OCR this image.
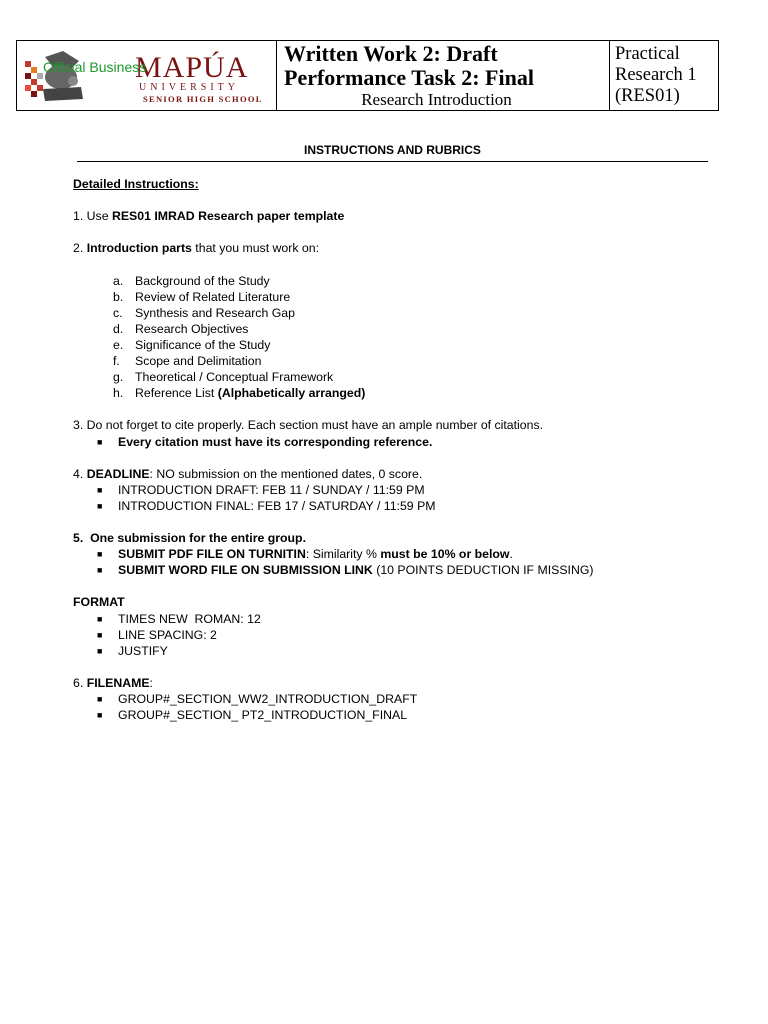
Official Business
MAPÚA
UNIVERSITY
SENIOR HIGH SCHOOL
Written Work 2: Draft
Performance Task 2: Final
Research Introduction
Practical
Research 1
(RES01)
INSTRUCTIONS AND RUBRICS

Detailed Instructions:

1. Use RES01 IMRAD Research paper template

2. Introduction parts that you must work on:

a. Background of the Study
b. Review of Related Literature
c.	Synthesis and Research Gap
d. Research Objectives
e. Significance of the Study
f.	Scope and Delimitation
g. Theoretical / Conceptual Framework
h. Reference List (Alphabetically arranged)

3. Do not forget to cite properly. Each section must have an ample number of citations.

■	Every citation must have its corresponding reference.

4. DEADLINE: NO submission on the mentioned dates, 0 score.

■	INTRODUCTION DRAFT: FEB 11 / SUNDAY / 11:59 PM
■	INTRODUCTION FINAL: FEB 17 / SATURDAY / 11:59 PM

5.  One submission for the entire group.

■	SUBMIT PDF FILE ON TURNITIN: Similarity % must be 10% or below.
■	SUBMIT WORD FILE ON SUBMISSION LINK (10 POINTS DEDUCTION IF MISSING)

FORMAT

■	TIMES NEW  ROMAN: 12
■	LINE SPACING: 2
■	JUSTIFY

6. FILENAME:

■	GROUP#_SECTION_WW2_INTRODUCTION_DRAFT
■	GROUP#_SECTION_ PT2_INTRODUCTION_FINAL
